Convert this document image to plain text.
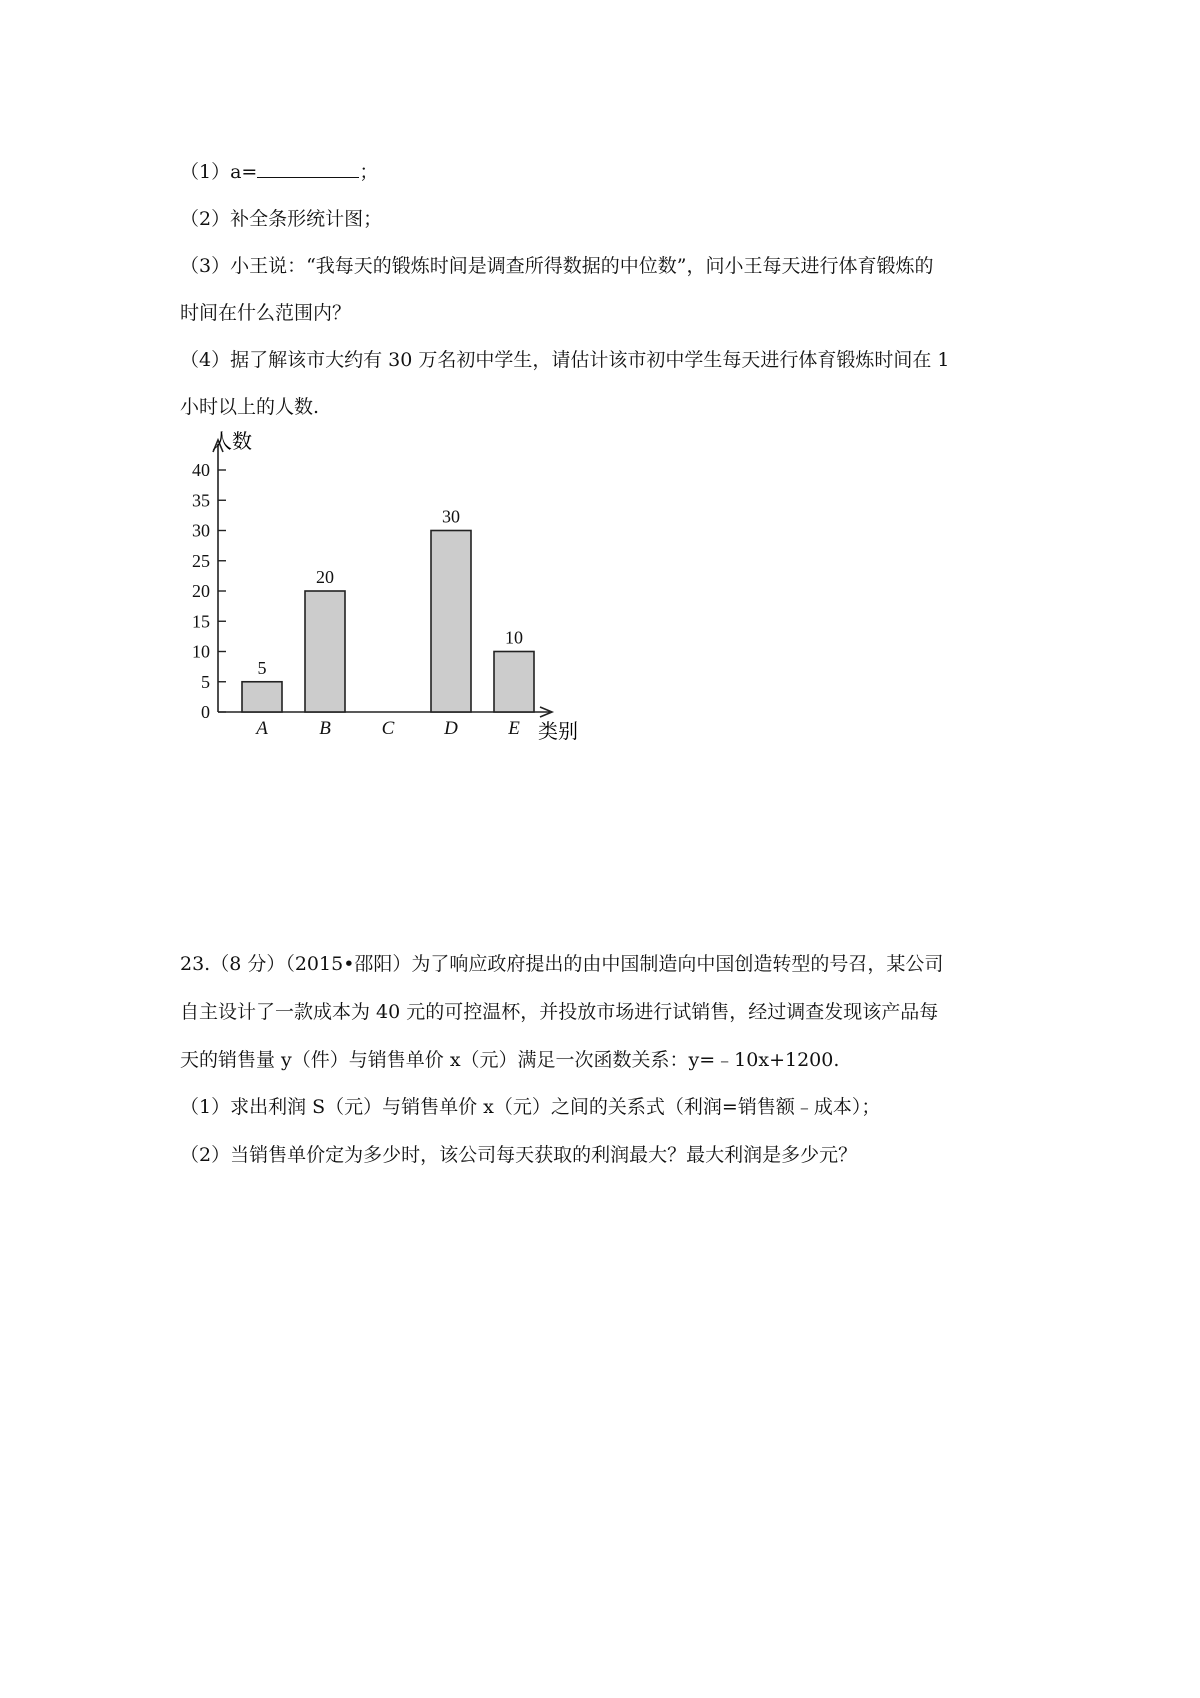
（1）a=	；
（2）补全条形统计图；
（3）小王说：“我每天的锻炼时间是调查所得数据的中位数”，问小王每天进行体育锻炼的
时间在什么范围内？
（4）据了解该市大约有 30 万名初中学生，请估计该市初中学生每天进行体育锻炼时间在 1
小时以上的人数.
0
5
10
15
20
25
30
35
40
5
A
20
B	C
30
D
10
E
人数
类别
23.（8 分）（2015•邵阳）为了响应政府提出的由中国制造向中国创造转型的号召，某公司
自主设计了一款成本为 40 元的可控温杯，并投放市场进行试销售，经过调查发现该产品每
天的销售量 y（件）与销售单价 x（元）满足一次函数关系：y=﹣10x+1200.
（1）求出利润 S（元）与销售单价 x（元）之间的关系式（利润=销售额﹣成本）；
（2）当销售单价定为多少时，该公司每天获取的利润最大？最大利润是多少元？
